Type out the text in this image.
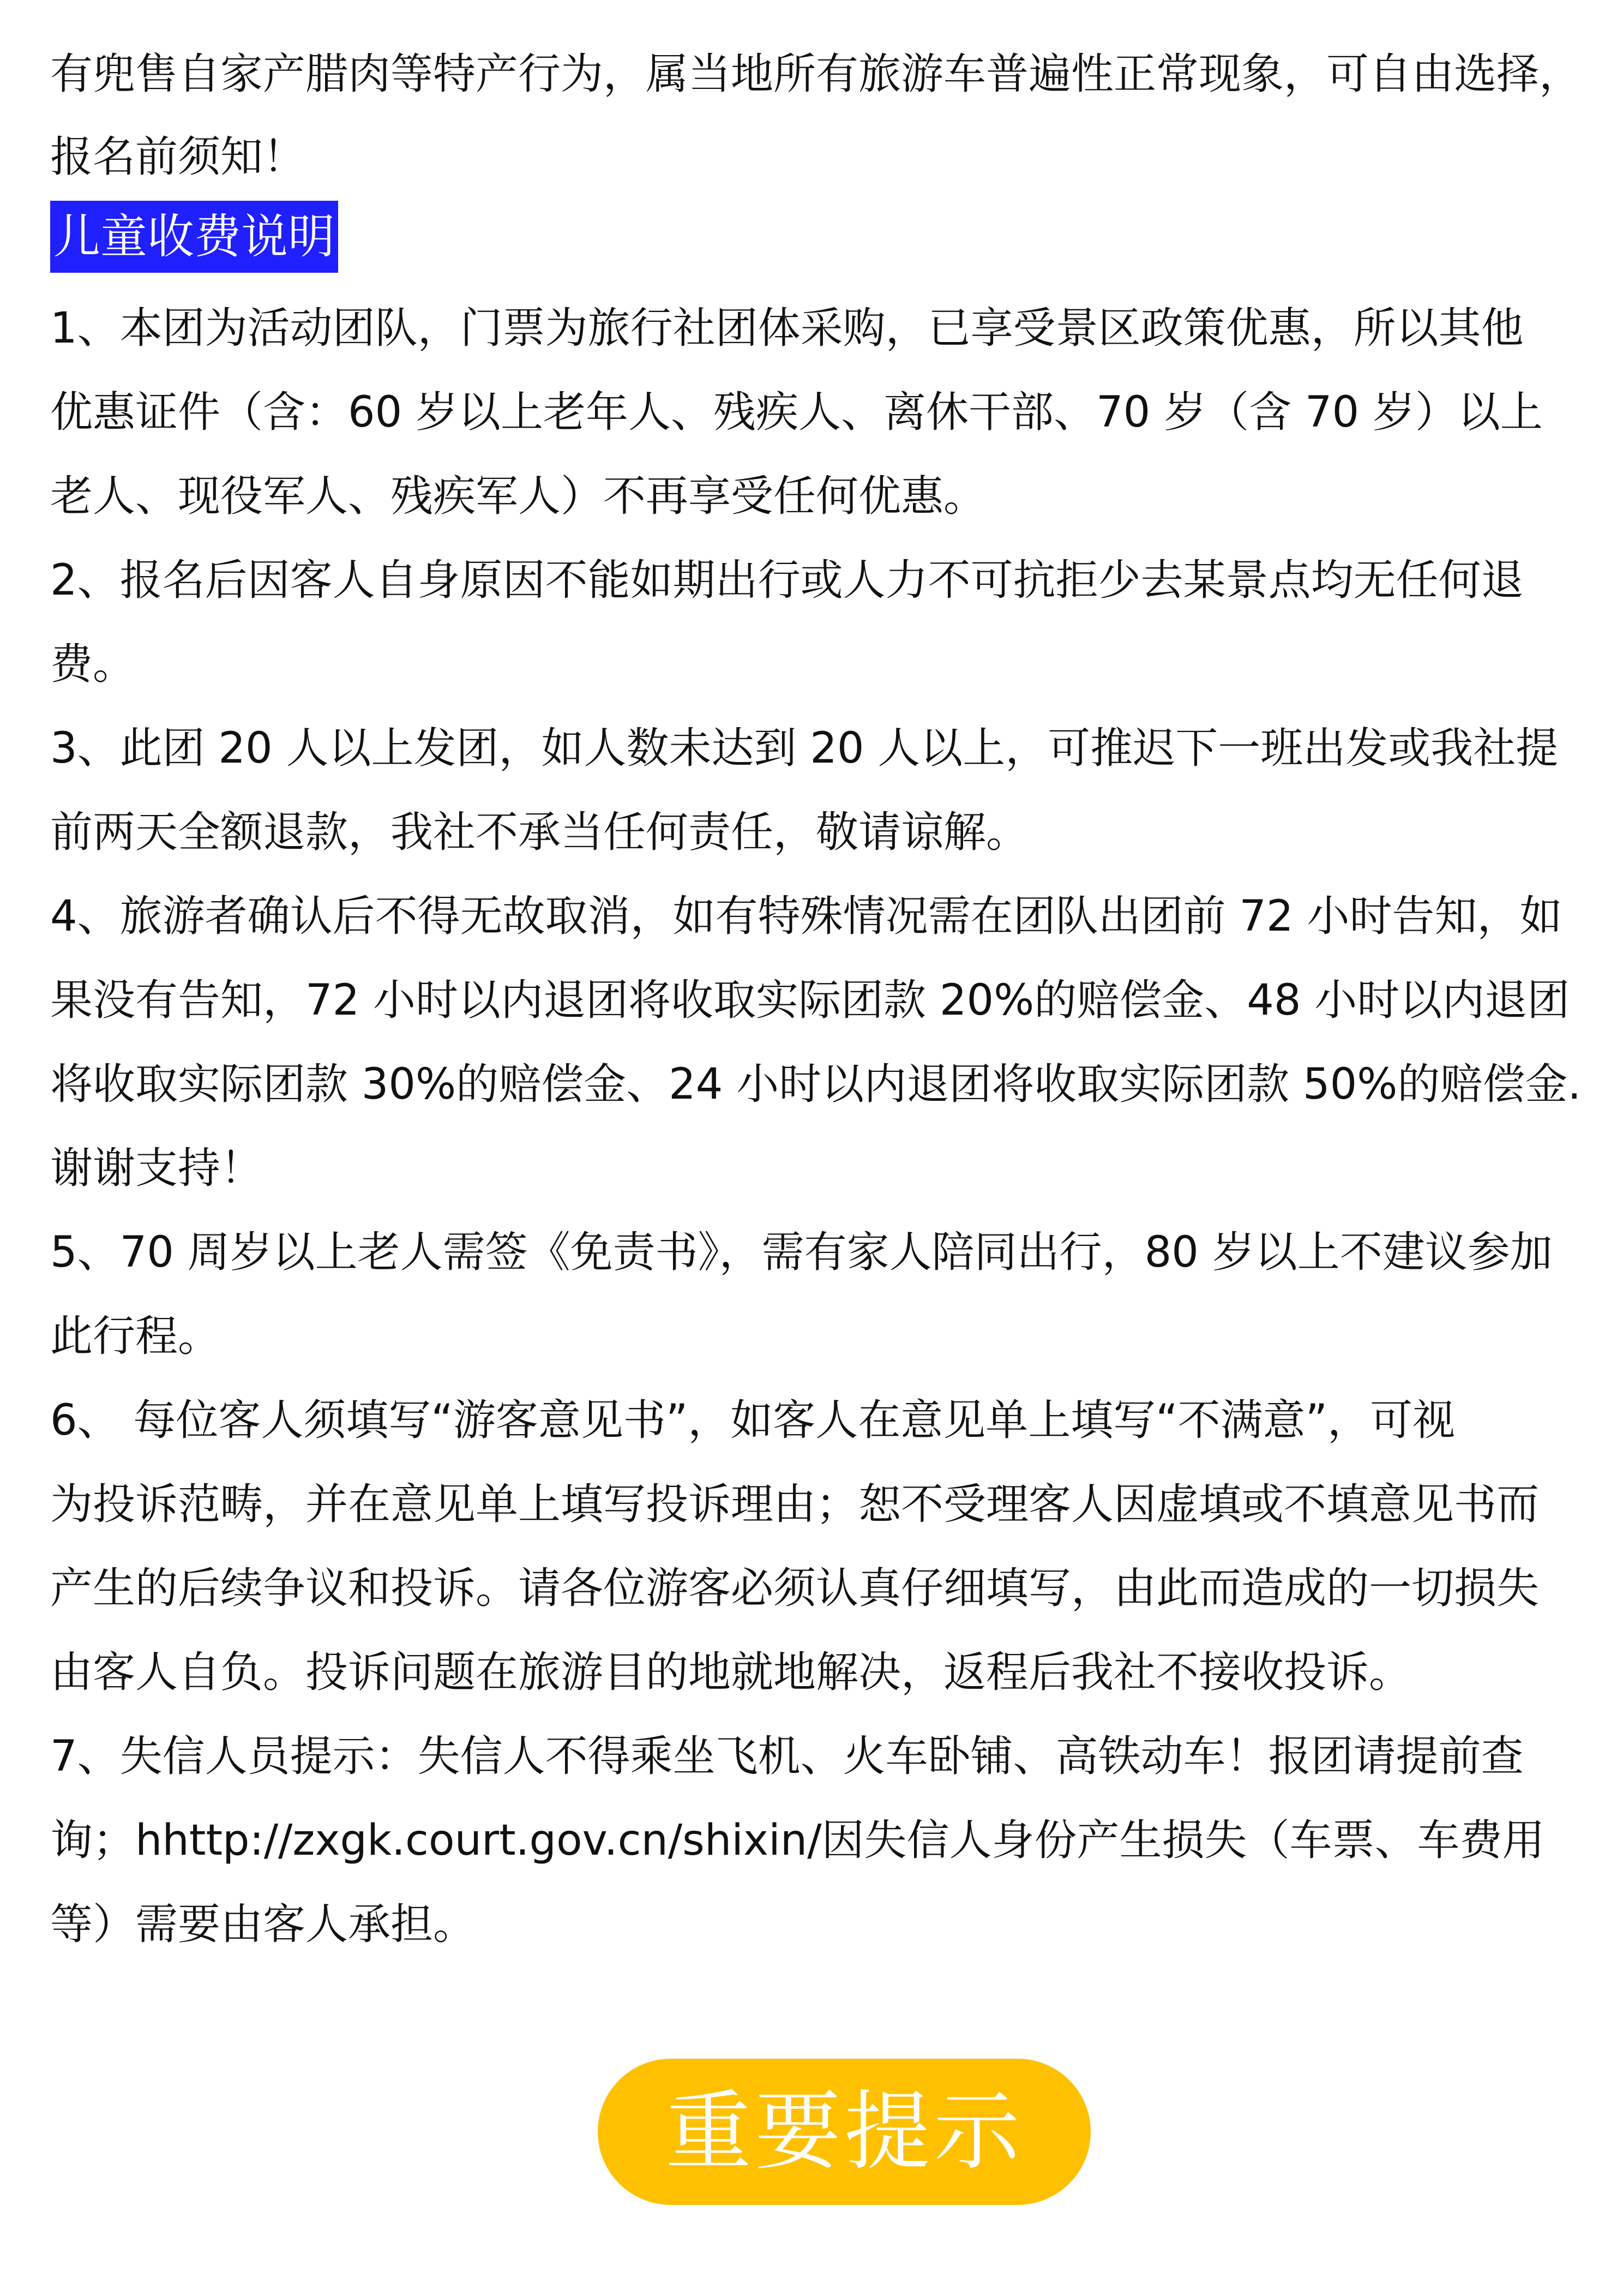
有兜售自家产腊肉等特产行为，属当地所有旅游车普遍性正常现象，可自由选择，
报名前须知！
儿童收费说明
1、本团为活动团队，门票为旅行社团体采购，已享受景区政策优惠，所以其他
优惠证件（含：60 岁以上老年人、残疾人、离休干部、70 岁（含 70 岁）以上
老人、现役军人、残疾军人）不再享受任何优惠。
2、报名后因客人自身原因不能如期出行或人力不可抗拒少去某景点均无任何退
费。
3、此团 20 人以上发团，如人数未达到 20 人以上，可推迟下一班出发或我社提
前两天全额退款，我社不承当任何责任，敬请谅解。
4、旅游者确认后不得无故取消，如有特殊情况需在团队出团前 72 小时告知，如
果没有告知，72 小时以内退团将收取实际团款 20%的赔偿金、48 小时以内退团
将收取实际团款 30%的赔偿金、24 小时以内退团将收取实际团款 50%的赔偿金.
谢谢支持！
5、70 周岁以上老人需签《免责书》，需有家人陪同出行，80 岁以上不建议参加
此行程。
6、 每位客人须填写“游客意见书”，如客人在意见单上填写“不满意”，可视
为投诉范畴，并在意见单上填写投诉理由；恕不受理客人因虚填或不填意见书而
产生的后续争议和投诉。请各位游客必须认真仔细填写，由此而造成的一切损失
由客人自负。投诉问题在旅游目的地就地解决，返程后我社不接收投诉。
7、失信人员提示：失信人不得乘坐飞机、火车卧铺、高铁动车！报团请提前查
询；hhttp://zxgk.court.gov.cn/shixin/因失信人身份产生损失（车票、车费用
等）需要由客人承担。
重要提示
